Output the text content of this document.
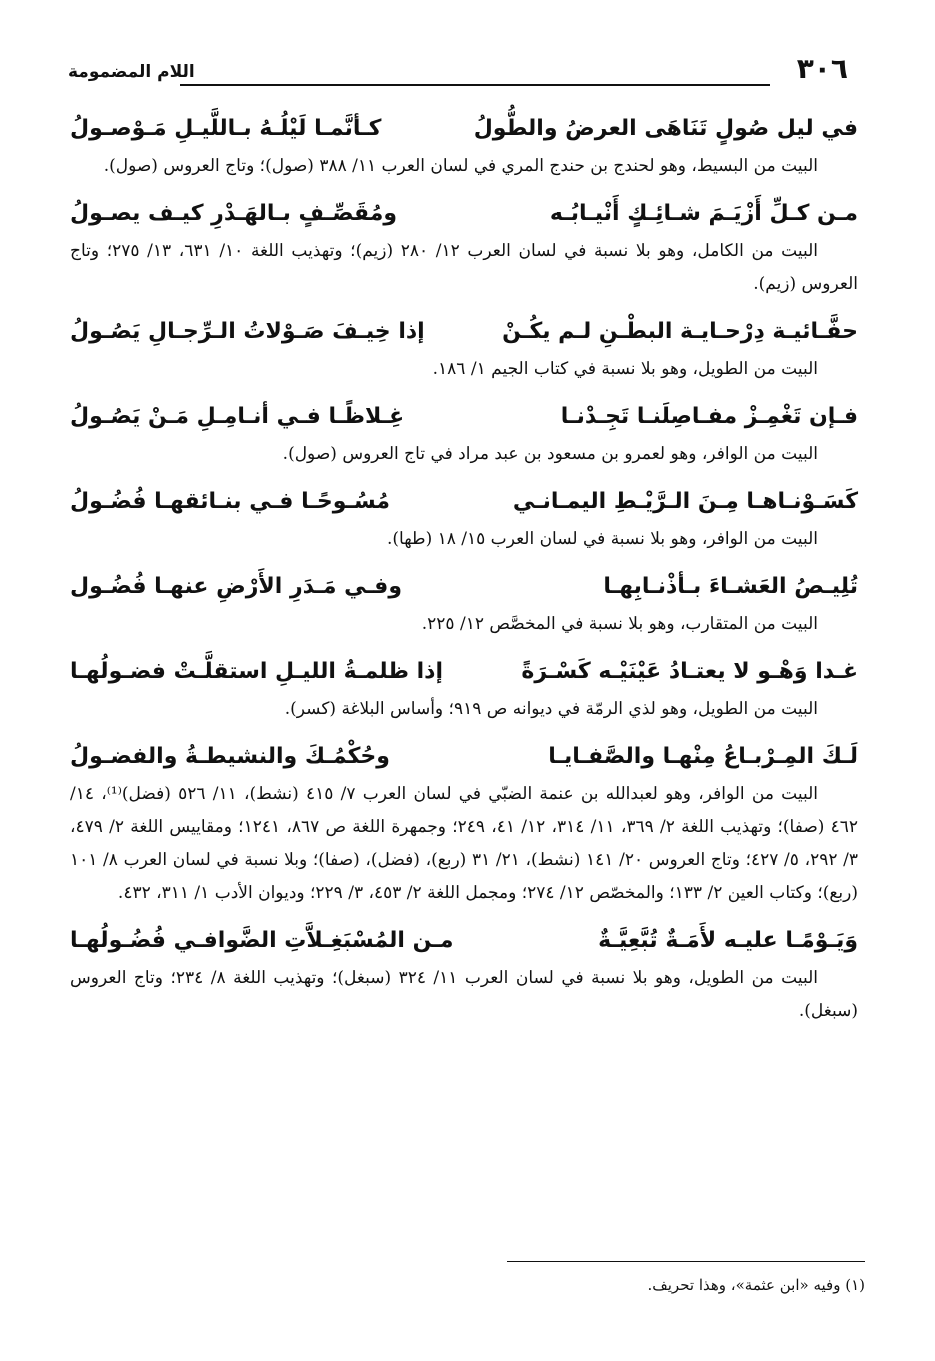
٣٠٦
اللام المضمومة
في ليل صُولٍ تَنَاهَى العرضُ والطُّولُ
كـأنَّمـا لَيْلُـهُ بـاللَّيـلِ مَـوْصـولُ

البيت من البسيط، وهو لحندج بن حندج المري في لسان العرب ١١/ ٣٨٨ (صول)؛ وتاج العروس (صول).

مـن كـلِّ أَزْيَـمَ شـائِـكٍ أَنْيـابُـه
ومُقَصِّـفٍ بـالهَـدْرِ كيـف يصـولُ

البيت من الكامل، وهو بلا نسبة في لسان العرب ١٢/ ٢٨٠ (زيم)؛ وتهذيب اللغة ١٠/ ٦٣١، ١٣/ ٢٧٥؛ وتاج العروس (زيم).

حفَّـائيـة دِرْحـايـة البطْـنِ لـم يكُـنْ
إذا خِيـفَ صَـوْلاتُ الـرِّجـالِ يَصُـولُ

البيت من الطويل، وهو بلا نسبة في كتاب الجيم ١/ ١٨٦.

فـإن تَغْمِـزْ مفـاصِلَنـا تَجِـدْنـا
غِـلاظًـا فـي أنـامِـلِ مَـنْ يَصُـولُ

البيت من الوافر، وهو لعمرو بن مسعود بن عبد مراد في تاج العروس (صول).

كَسَـوْنـاهـا مِـنَ الـرَّيْـطِ اليمـانـي
مُسُـوحًـا فـي بنـائقهـا فُضُـولُ

البيت من الوافر، وهو بلا نسبة في لسان العرب ١٥/ ١٨ (طها).

تُلِيـصُ العَشـاءَ بـأذْنـابِهـا
وفـي مَـدَرِ الأَرْضِ عنهـا فُضُـول

البيت من المتقارب، وهو بلا نسبة في المخصَّص ١٢/ ٢٢٥.

غـدا وَهْـو لا يعتـادُ عَيْنَيْـه كَسْـرَةً
إذا ظلمـةُ الليـلِ استقلَّـتْ فضـولُهـا

البيت من الطويل، وهو لذي الرمّة في ديوانه ص ٩١٩؛ وأساس البلاغة (كسر).

لَـكَ المِـرْبـاعُ مِنْهـا والصَّفـايـا
وحُكْمُـكَ والنشيطـةُ والفضـولُ

البيت من الوافر، وهو لعبدالله بن عنمة الضبّي في لسان العرب ٧/ ٤١٥ (نشط)، ١١/ ٥٢٦ (فضل)⁽¹⁾، ١٤/ ٤٦٢ (صفا)؛ وتهذيب اللغة ٢/ ٣٦٩، ١١/ ٣١٤، ١٢/ ٤١، ٢٤٩؛ وجمهرة اللغة ص ٨٦٧، ١٢٤١؛ ومقاييس اللغة ٢/ ٤٧٩، ٣/ ٢٩٢، ٥/ ٤٢٧؛ وتاج العروس ٢٠/ ١٤١ (نشط)، ٢١/ ٣١ (ربع)، (فضل)، (صفا)؛ وبلا نسبة في لسان العرب ٨/ ١٠١ (ربع)؛ وكتاب العين ٢/ ١٣٣؛ والمخصّص ١٢/ ٢٧٤؛ ومجمل اللغة ٢/ ٤٥٣، ٣/ ٢٢٩؛ وديوان الأدب ١/ ٣١١، ٤٣٢.

وَيَـوْمًـا عليـه لأَمَـةٌ تُبَّعِيَّـةٌ
مـن المُسْبَغِـلاَّتِ الضَّوافـي فُضُـولُهـا

البيت من الطويل، وهو بلا نسبة في لسان العرب ١١/ ٣٢٤ (سبغل)؛ وتهذيب اللغة ٨/ ٢٣٤؛ وتاج العروس (سبغل).

(١) وفيه «ابن عثمة»، وهذا تحريف.
